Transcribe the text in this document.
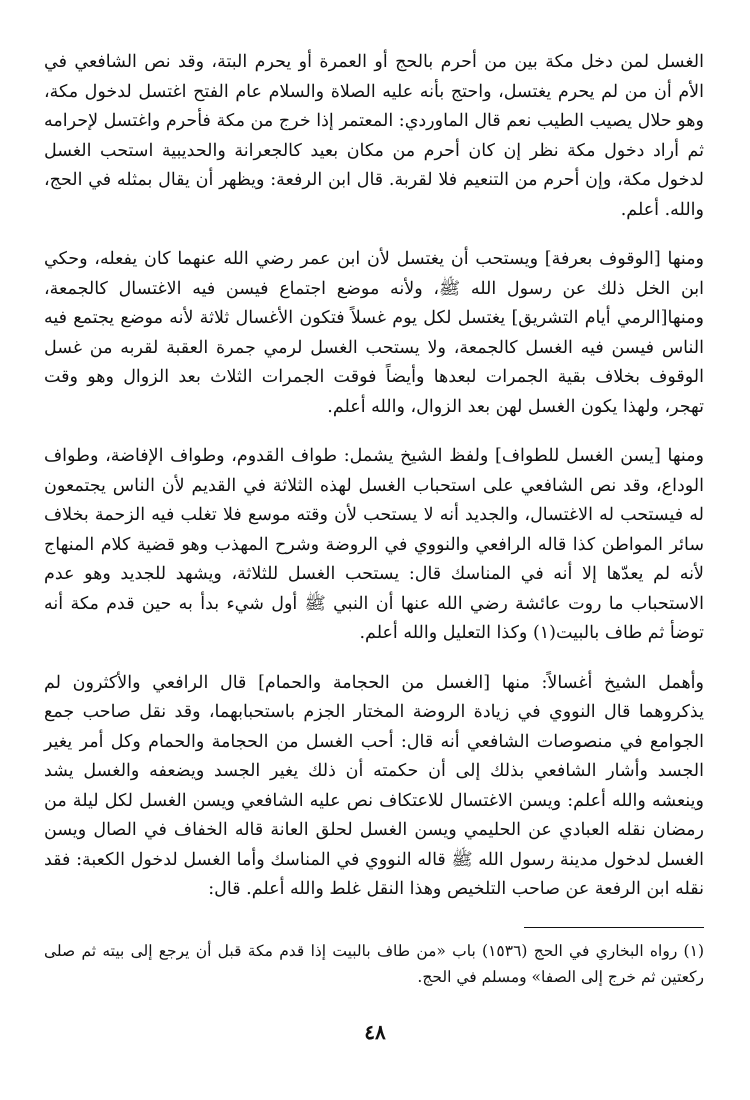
الغسل لمن دخل مكة بين من أحرم بالحج أو العمرة أو يحرم البتة، وقد نص الشافعي في الأم أن من لم يحرم يغتسل، واحتج بأنه عليه الصلاة والسلام عام الفتح اغتسل لدخول مكة، وهو حلال يصيب الطيب نعم قال الماوردي: المعتمر إذا خرج من مكة فأحرم واغتسل لإحرامه ثم أراد دخول مكة نظر إن كان أحرم من مكان بعيد كالجعرانة والحديبية استحب الغسل لدخول مكة، وإن أحرم من التنعيم فلا لقربة. قال ابن الرفعة: ويظهر أن يقال بمثله في الحج، والله. أعلم.

ومنها [الوقوف بعرفة] ويستحب أن يغتسل لأن ابن عمر رضي الله عنهما كان يفعله، وحكي ابن الخل ذلك عن رسول الله ﷺ، ولأنه موضع اجتماع فيسن فيه الاغتسال كالجمعة، ومنها[الرمي أيام التشريق] يغتسل لكل يوم غسلاً فتكون الأغسال ثلاثة لأنه موضع يجتمع فيه الناس فيسن فيه الغسل كالجمعة، ولا يستحب الغسل لرمي جمرة العقبة لقربه من غسل الوقوف بخلاف بقية الجمرات لبعدها وأيضاً فوقت الجمرات الثلاث بعد الزوال وهو وقت تهجر، ولهذا يكون الغسل لهن بعد الزوال، والله أعلم.

ومنها [يسن الغسل للطواف] ولفظ الشيخ يشمل: طواف القدوم، وطواف الإفاضة، وطواف الوداع، وقد نص الشافعي على استحباب الغسل لهذه الثلاثة في القديم لأن الناس يجتمعون له فيستحب له الاغتسال، والجديد أنه لا يستحب لأن وقته موسع فلا تغلب فيه الزحمة بخلاف سائر المواطن كذا قاله الرافعي والنووي في الروضة وشرح المهذب وهو قضية كلام المنهاج لأنه لم يعدّها إلا أنه في المناسك قال: يستحب الغسل للثلاثة، ويشهد للجديد وهو عدم الاستحباب ما روت عائشة رضي الله عنها أن النبي ﷺ أول شيء بدأ به حين قدم مكة أنه توضأ ثم طاف بالبيت(١) وكذا التعليل والله أعلم.

وأهمل الشيخ أغسالاً: منها [الغسل من الحجامة والحمام] قال الرافعي والأكثرون لم يذكروهما قال النووي في زيادة الروضة المختار الجزم باستحبابهما، وقد نقل صاحب جمع الجوامع في منصوصات الشافعي أنه قال: أحب الغسل من الحجامة والحمام وكل أمر يغير الجسد وأشار الشافعي بذلك إلى أن حكمته أن ذلك يغير الجسد ويضعفه والغسل يشد وينعشه والله أعلم: ويسن الاغتسال للاعتكاف نص عليه الشافعي ويسن الغسل لكل ليلة من رمضان نقله العبادي عن الحليمي ويسن الغسل لحلق العانة قاله الخفاف في الصال ويسن الغسل لدخول مدينة رسول الله ﷺ قاله النووي في المناسك وأما الغسل لدخول الكعبة: فقد نقله ابن الرفعة عن صاحب التلخيص وهذا النقل غلط والله أعلم. قال:

(١) رواه البخاري في الحج (١٥٣٦) باب «من طاف بالبيت إذا قدم مكة قبل أن يرجع إلى بيته ثم صلى ركعتين ثم خرج إلى الصفا» ومسلم في الحج.

٤٨
